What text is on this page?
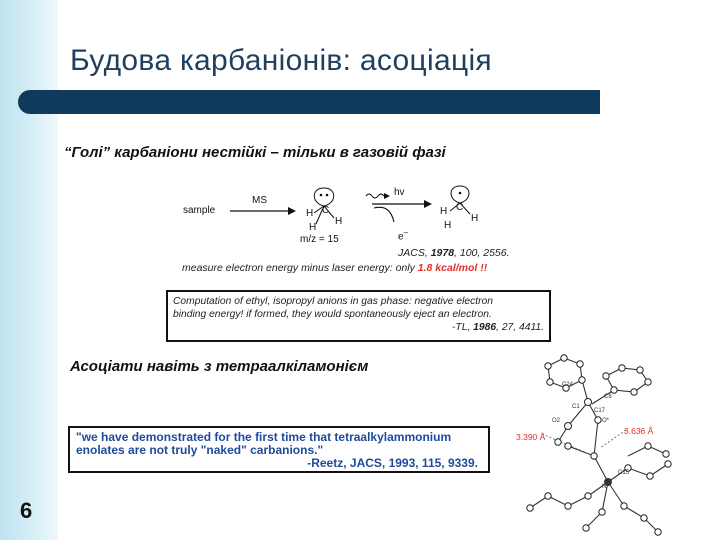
Будова карбаніонів: асоціація
“Голі” карбаніони нестійкі – тільки в газовій фазі
sample
MS
hv
H C
H
H
m/z = 15	e–
H C
H
H
JACS, 1978, 100, 2556.
measure electron energy minus laser energy: only 1.8 kcal/mol !!
Computation of ethyl, isopropyl anions in gas phase: negative electron
binding energy! if formed, they would spontaneously eject an electron.
-TL, 1986, 27, 4411.
Асоціати навіть з тетраалкіламонієм
"we have demonstrated for the first time that tetraalkylammonium
enolates are not truly "naked" carbanions."
-Reetz, JACS, 1993, 115, 9339.
3.390 Å
3.636 Å
C24
C1
C17
O2	O*
C15
N
C8
6
